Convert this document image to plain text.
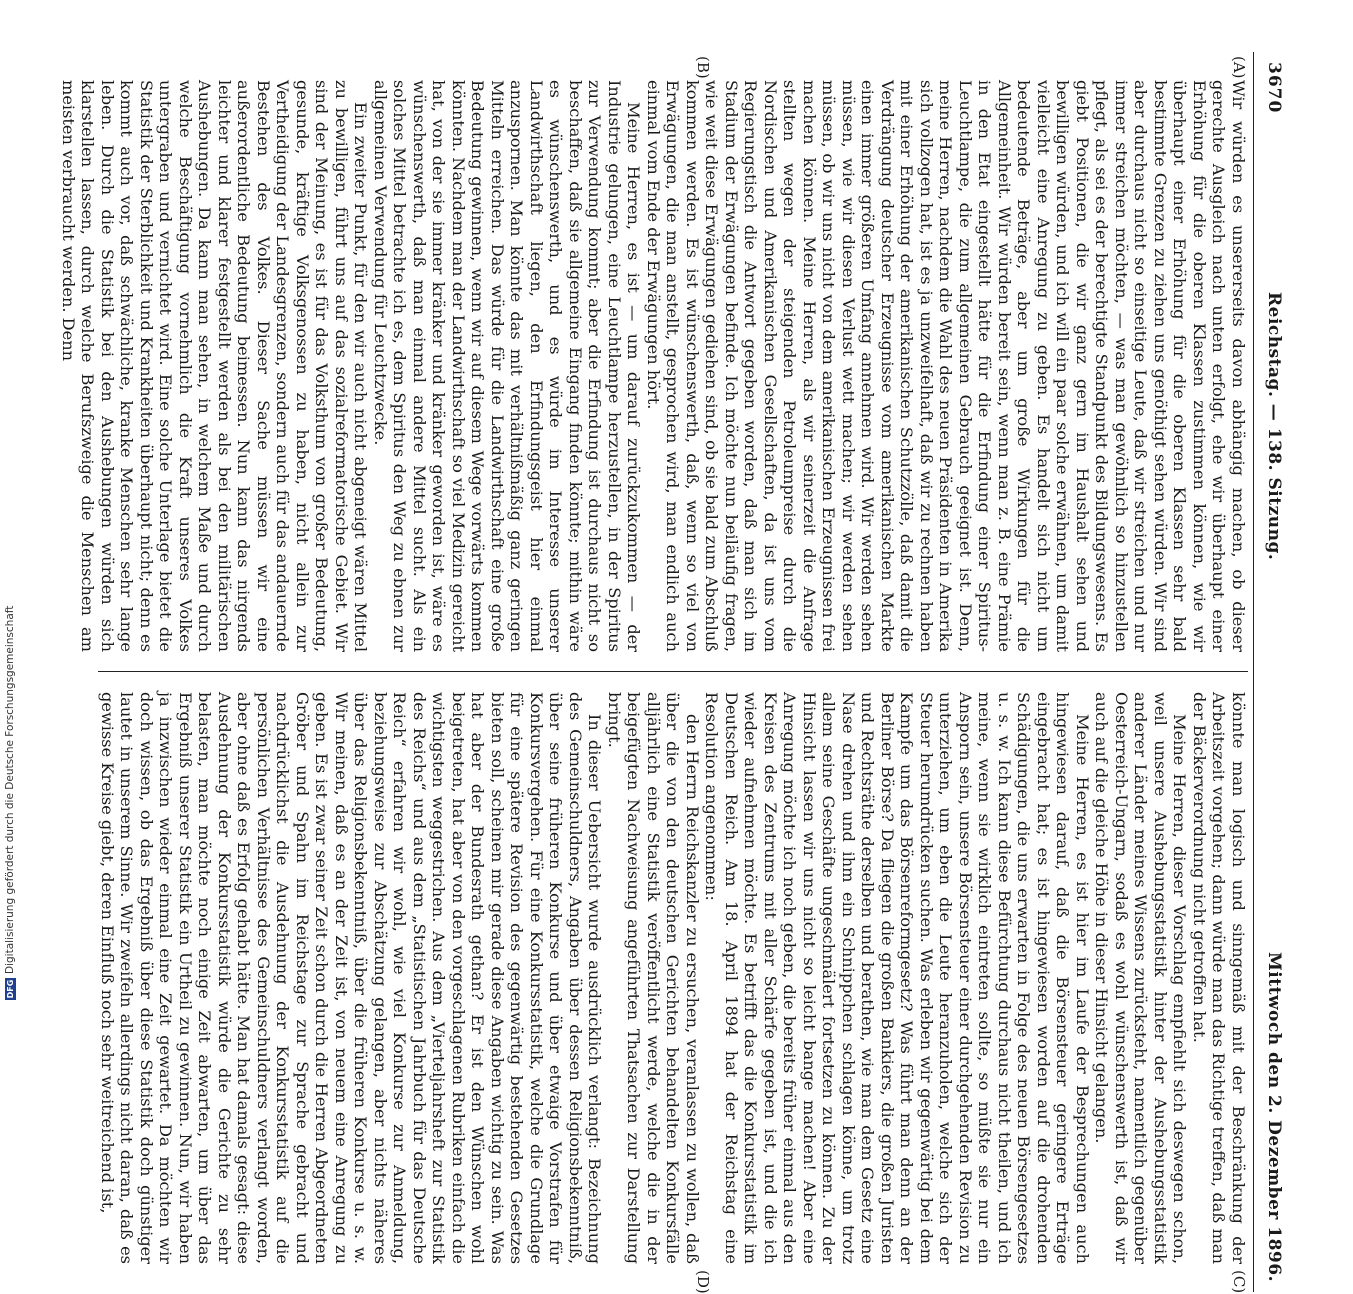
3670
Reichstag. — 138. Sitzung.
Mittwoch den 2. Dezember 1896.
(A)
(B)
(C)
(D)

Wir würden es unsererseits davon abhängig machen, ob dieser gerechte Ausgleich nach unten erfolgt, ehe wir überhaupt einer Erhöhung für die oberen Klassen zustimmen können, wie wir überhaupt einer Erhöhung für die oberen Klassen sehr bald bestimmte Grenzen zu ziehen uns genöthigt sehen würden. Wir sind aber durchaus nicht so einseitige Leute, daß wir streichen und nur immer streichen möchten, — was man gewöhnlich so hinzustellen pflegt, als sei es der berechtigte Standpunkt des Bildungswesens. Es giebt Positionen, die wir ganz gern im Haushalt sehen und bewilligen würden, und ich will ein paar solche erwähnen, um damit vielleicht eine Anregung zu geben. Es handelt sich nicht um bedeutende Beträge, aber um große Wirkungen für die Allgemeinheit. Wir würden bereit sein, wenn man z. B. eine Prämie in den Etat eingestellt hätte für die Erfindung einer Spiritus-Leuchtlampe, die zum allgemeinen Gebrauch geeignet ist. Denn, meine Herren, nachdem die Wahl des neuen Präsidenten in Amerika sich vollzogen hat, ist es ja unzweifelhaft, daß wir zu rechnen haben mit einer Erhöhung der amerikanischen Schutzzölle, daß damit die Verdrängung deutscher Erzeugnisse vom amerikanischen Markte einen immer größeren Umfang annehmen wird. Wir werden sehen müssen, wie wir diesen Verlust wett machen; wir werden sehen müssen, ob wir uns nicht von dem amerikanischen Erzeugnissen frei machen können. Meine Herren, als wir seinerzeit die Anfrage stellten wegen der steigenden Petroleumpreise durch die Nordischen und Amerikanischen Gesellschaften, da ist uns vom Regierungstisch die Antwort gegeben worden, daß man sich im Stadium der Erwägungen befinde. Ich möchte nun beiläufig fragen, wie weit diese Erwägungen gediehen sind, ob sie bald zum Abschluß kommen werden. Es ist wünschenswerth, daß, wenn so viel von Erwägungen, die man anstellt, gesprochen wird, man endlich auch einmal vom Ende der Erwägungen hört.

Meine Herren, es ist — um darauf zurückzukommen — der Industrie gelungen, eine Leuchtlampe herzustellen, in der Spiritus zur Verwendung kommt; aber die Erfindung ist durchaus nicht so beschaffen, daß sie allgemeine Eingang finden könnte; mithin wäre es wünschenswerth, und es würde im Interesse unserer Landwirthschaft liegen, den Erfindungsgeist hier einmal anzuspornen. Man könnte das mit verhältnißmäßig ganz geringen Mitteln erreichen. Das würde für die Landwirthschaft eine große Bedeutung gewinnen, wenn wir auf diesem Wege vorwärts kommen könnten. Nachdem man der Landwirthschaft so viel Medizin gereicht hat, von der sie immer kränker und kränker geworden ist, wäre es wünschenswerth, daß man einmal andere Mittel sucht. Als ein solches Mittel betrachte ich es, dem Spiritus den Weg zu ebnen zur allgemeinen Verwendung für Leuchtzwecke.

Ein zweiter Punkt, für den wir auch nicht abgeneigt wären Mittel zu bewilligen, führt uns auf das sozialreformatorische Gebiet. Wir sind der Meinung, es ist für das Volksthum von großer Bedeutung, gesunde, kräftige Volksgenossen zu haben, nicht allein zur Vertheidigung der Landesgrenzen, sondern auch für das andauernde Bestehen des Volkes. Dieser Sache müssen wir eine außerordentliche Bedeutung beimessen. Nun kann das nirgends leichter und klarer festgestellt werden als bei den militärischen Aushebungen. Da kann man sehen, in welchem Maße und durch welche Beschäftigung vornehmlich die Kraft unseres Volkes untergraben und vernichtet wird. Eine solche Unterlage bietet die Statistik der Sterblichkeit und Krankheiten überhaupt nicht; denn es kommt auch vor, daß schwächliche, kranke Menschen sehr lange leben. Durch die Statistik bei den Aushebungen würden sich klarstellen lassen, durch welche Berufszweige die Menschen am meisten verbraucht werden. Denn

könnte man logisch und sinngemäß mit der Beschränkung der Arbeitszeit vorgehen; dann würde man das Richtige treffen, daß man der Bäckerverordnung nicht getroffen hat.

Meine Herren, dieser Vorschlag empfiehlt sich deswegen schon, weil unsere Aushebungsstatistik hinter der Aushebungsstatistik anderer Länder meines Wissens zurücksteht, namentlich gegenüber Oesterreich-Ungarn, sodaß es wohl wünschenswerth ist, daß wir auch auf die gleiche Höhe in dieser Hinsicht gelangen.

Meine Herren, es ist hier im Laufe der Besprechungen auch hingewiesen darauf, daß die Börsensteuer geringere Erträge eingebracht hat; es ist hingewiesen worden auf die drohenden Schädigungen, die uns erwarten in Folge des neuen Börsengesetzes u. s. w. Ich kann diese Befürchtung durchaus nicht theilen, und ich meine, wenn sie wirklich eintreten sollte, so müßte sie nur ein Ansporn sein, unsere Börsensteuer einer durchgehenden Revision zu unterziehen, um eben die Leute heranzuholen, welche sich der Steuer herumdrücken suchen. Was erleben wir gegenwärtig bei dem Kampfe um das Börsenreformgesetz? Was führt man denn an der Berliner Börse? Da fliegen die großen Bankiers, die großen Juristen und Rechtsräthe derselben und berathen, wie man dem Gesetz eine Nase drehen und ihm ein Schnippchen schlagen könne, um trotz allem seine Geschäfte ungeschmälert fortsetzen zu können. Zu der Hinsicht lassen wir uns nicht so leicht bange machen! Aber eine Anregung möchte ich noch geben, die bereits früher einmal aus den Kreisen des Zentrums mit aller Schärfe gegeben ist, und die ich wieder aufnehmen möchte. Es betrifft das die Konkursstatistik im Deutschen Reich. Am 18. April 1894 hat der Reichstag eine Resolution angenommen:

den Herrn Reichskanzler zu ersuchen, veranlassen zu wollen, daß über die von den deutschen Gerichten behandelten Konkursfälle alljährlich eine Statistik veröffentlicht werde, welche die in der beigefügten Nachweisung angeführten Thatsachen zur Darstellung bringt.

In dieser Uebersicht wurde ausdrücklich verlangt: Bezeichnung des Gemeinschuldners, Angaben über dessen Religionsbekenntniß, über seine früheren Konkurse und über etwaige Vorstrafen für Konkursvergehen. Für eine Konkursstatistik, welche die Grundlage für eine spätere Revision des gegenwärtig bestehenden Gesetzes bieten soll, scheinen mir gerade diese Angaben wichtig zu sein. Was hat aber der Bundesrath gethan? Er ist den Wünschen wohl beigetreten, hat aber von den vorgeschlagenen Rubriken einfach die wichtigsten weggestrichen. Aus dem „Vierteljahrsheft zur Statistik des Reichs“ und aus dem „Statistischen Jahrbuch für das Deutsche Reich“ erfahren wir wohl, wie viel Konkurse zur Anmeldung, beziehungsweise zur Abschätzung gelangen, aber nichts näheres über das Religionsbekenntniß, über die früheren Konkurse u. s. w. Wir meinen, daß es an der Zeit ist, von neuem eine Anregung zu geben. Es ist zwar seiner Zeit schon durch die Herren Abgeordneten Gröber und Spahn im Reichstage zur Sprache gebracht und nachdrücklichst die Ausdehnung der Konkursstatistik auf die persönlichen Verhältnisse des Gemeinschuldners verlangt worden, aber ohne daß es Erfolg gehabt hätte. Man hat damals gesagt: diese Ausdehnung der Konkursstatistik würde die Gerichte zu sehr belasten, man möchte noch einige Zeit abwarten, um über das Ergebniß unserer Statistik ein Urtheil zu gewinnen. Nun, wir haben ja inzwischen wieder einmal eine Zeit gewartet. Da möchten wir doch wissen, ob das Ergebniß über diese Statistik doch günstiger lautet in unserem Sinne. Wir zweifeln allerdings nicht daran, daß es gewisse Kreise giebt, deren Einfluß noch sehr weitreichend ist,

DFGDigitalisierung gefördert durch die Deutsche Forschungsgemeinschaft
